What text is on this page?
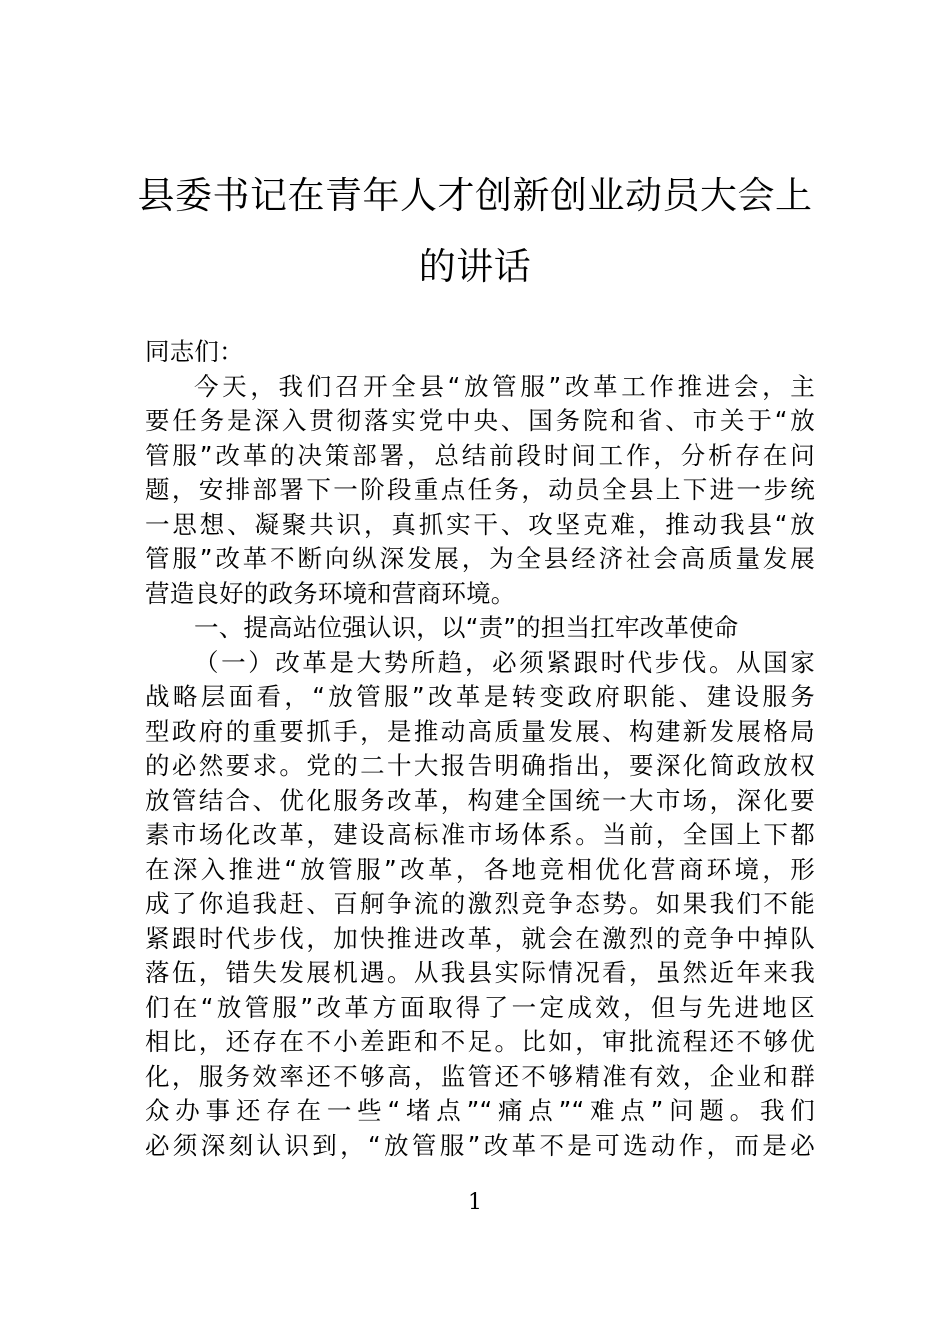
县委书记在青年人才创新创业动员大会上
的讲话
同志们：
今天，我们召开全县“放管服”改革工作推进会，主
要任务是深入贯彻落实党中央、国务院和省、市关于“放
管服”改革的决策部署，总结前段时间工作，分析存在问
题，安排部署下一阶段重点任务，动员全县上下进一步统
一思想、凝聚共识，真抓实干、攻坚克难，推动我县“放
管服”改革不断向纵深发展，为全县经济社会高质量发展
营造良好的政务环境和营商环境。
一、提高站位强认识，以“责”的担当扛牢改革使命
（一）改革是大势所趋，必须紧跟时代步伐。从国家
战略层面看，“放管服”改革是转变政府职能、建设服务
型政府的重要抓手，是推动高质量发展、构建新发展格局
的必然要求。党的二十大报告明确指出，要深化简政放权
放管结合、优化服务改革，构建全国统一大市场，深化要
素市场化改革，建设高标准市场体系。当前，全国上下都
在深入推进“放管服”改革，各地竞相优化营商环境，形
成了你追我赶、百舸争流的激烈竞争态势。如果我们不能
紧跟时代步伐，加快推进改革，就会在激烈的竞争中掉队
落伍，错失发展机遇。从我县实际情况看，虽然近年来我
们在“放管服”改革方面取得了一定成效，但与先进地区
相比，还存在不小差距和不足。比如，审批流程还不够优
化，服务效率还不够高，监管还不够精准有效，企业和群
众办事还存在一些“堵点”“痛点”“难点”问题。我们
必须深刻认识到，“放管服”改革不是可选动作，而是必
1
